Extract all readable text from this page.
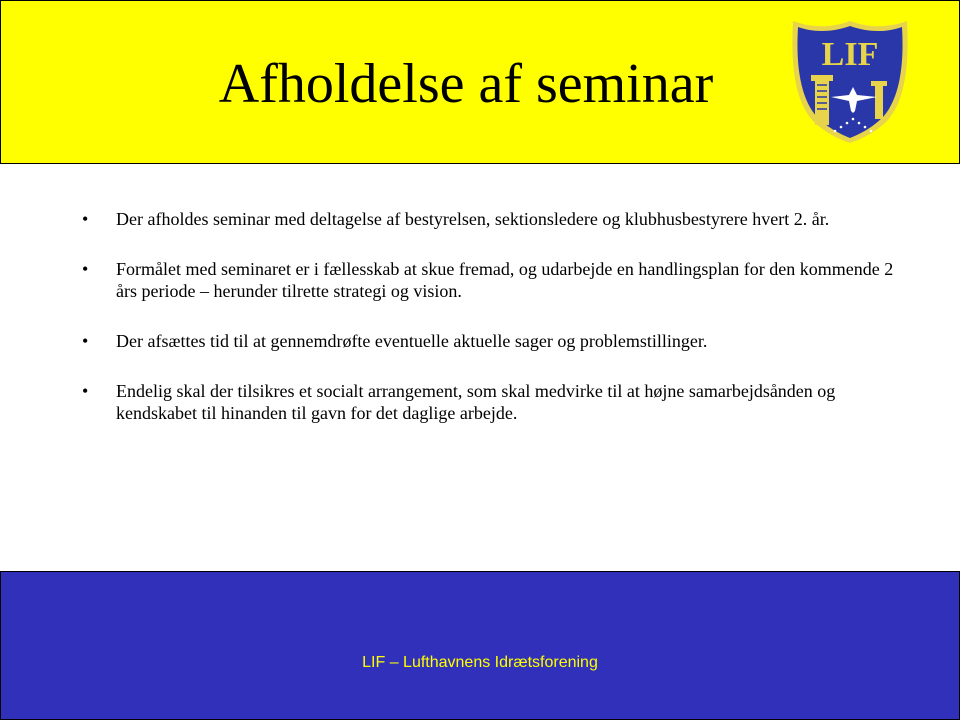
Afholdelse af seminar	LIF
• Der afholdes seminar med deltagelse af bestyrelsen, sektionsledere og klubhusbestyrere hvert 2. år.
• Formålet med seminaret er i fællesskab at skue fremad, og udarbejde en handlingsplan for den kommende 2 års periode – herunder tilrette strategi og vision.
• Der afsættes tid til at gennemdrøfte eventuelle aktuelle sager og problemstillinger.
• Endelig skal der tilsikres et socialt arrangement, som skal medvirke til at højne samarbejdsånden og kendskabet til hinanden til gavn for det daglige arbejde.
LIF – Lufthavnens Idrætsforening
